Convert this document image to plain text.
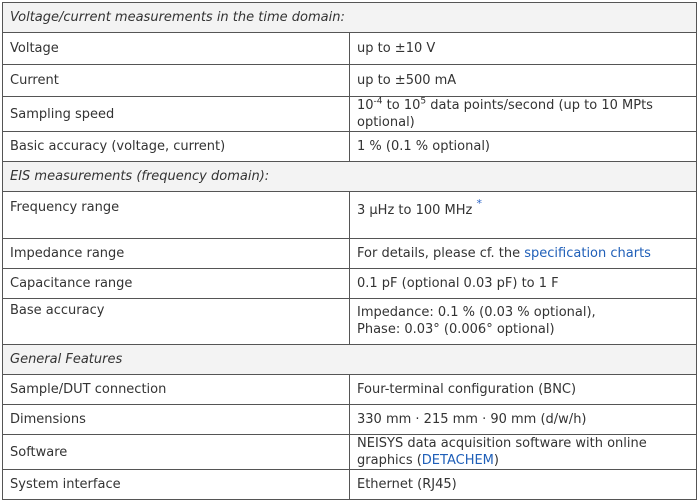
Voltage/current measurements in the time domain:	
Voltage	up to ±10 V
Current	up to ±500 mA
Sampling speed	$10^{-4}$ to $10^5$ data points/second (up to 10 MPts optional)
Basic accuracy (voltage, current)	1 % (0.1 % optional)
EIS measurements (frequency domain):	
Frequency range	3 µHz to 100 MHz *
Impedance range	For details, please cf. the specification charts
Capacitance range	0.1 pF (optional 0.03 pF) to 1 F
Base accuracy	Impedance: 0.1 % (0.03 % optional),
Phase: 0.03° (0.006° optional)

General Features	
Sample/DUT connection	Four-terminal configuration (BNC)
Dimensions	330 mm · 215 mm · 90 mm (d/w/h)
Software	NEISYS data acquisition software with online graphics (DETACHEM)
System interface	Ethernet (RJ45)
